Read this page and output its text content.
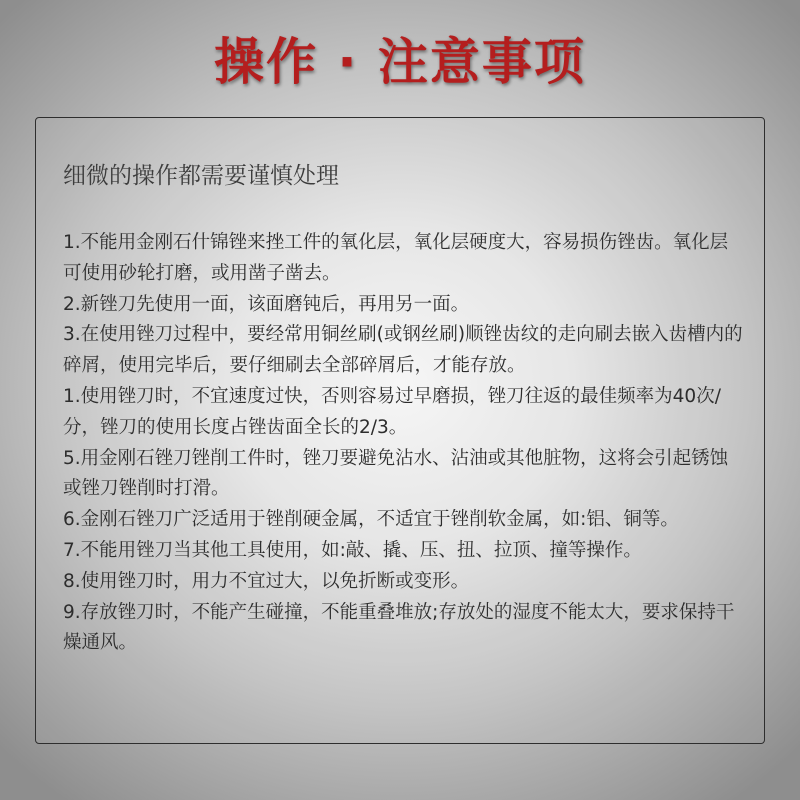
操作 · 注意事项
细微的操作都需要谨慎处理
1.不能用金刚石什锦锉来挫工件的氧化层，氧化层硬度大，容易损伤锉齿。氧化层可使用砂轮打磨，或用凿子凿去。
2.新锉刀先使用一面，该面磨钝后，再用另一面。
3.在使用锉刀过程中，要经常用铜丝刷(或钢丝刷)顺锉齿纹的走向刷去嵌入齿槽内的碎屑，使用完毕后，要仔细刷去全部碎屑后，才能存放。
1.使用锉刀时，不宜速度过快，否则容易过早磨损，锉刀往返的最佳频率为40次/分，锉刀的使用长度占锉齿面全长的2/3。
5.用金刚石锉刀锉削工件时，锉刀要避免沾水、沾油或其他脏物，这将会引起锈蚀或锉刀锉削时打滑。
6.金刚石锉刀广泛适用于锉削硬金属，不适宜于锉削软金属，如:铝、铜等。
7.不能用锉刀当其他工具使用，如:敲、撬、压、扭、拉顶、撞等操作。
8.使用锉刀时，用力不宜过大，以免折断或变形。
9.存放锉刀时，不能产生碰撞，不能重叠堆放;存放处的湿度不能太大，要求保持干燥通风。
